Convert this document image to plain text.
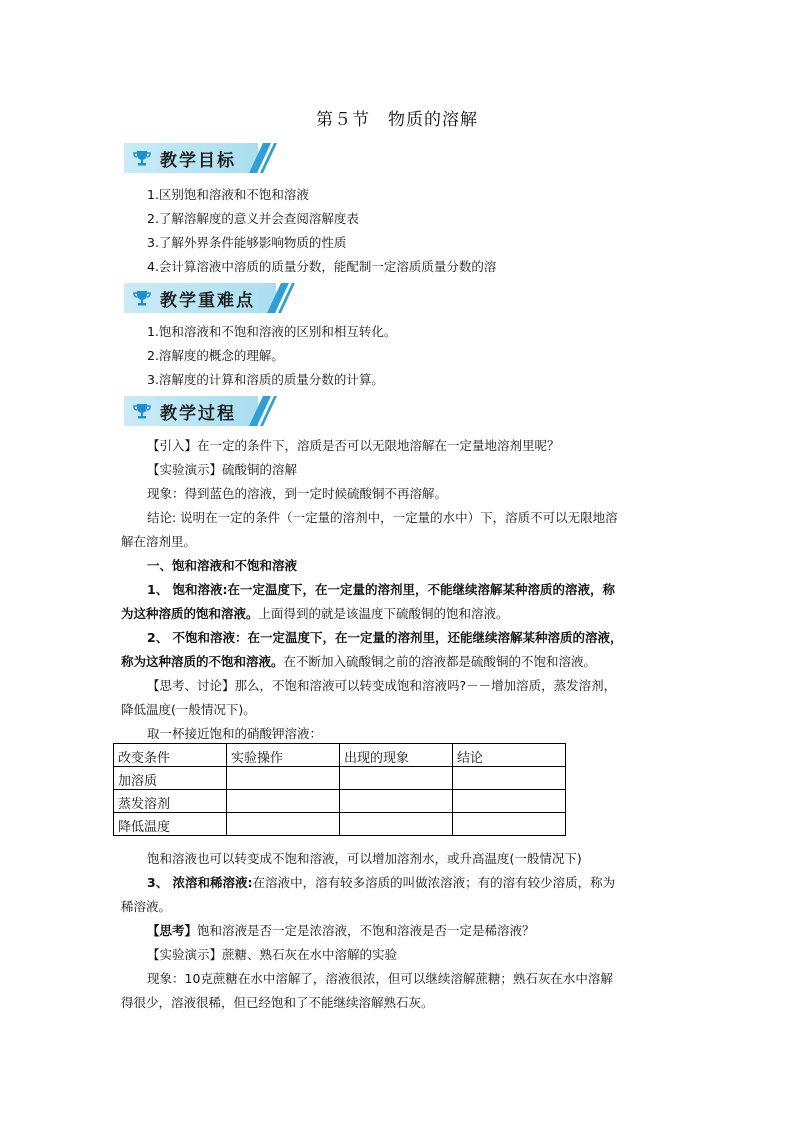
第５节　物质的溶解
教学目标
1.区别饱和溶液和不饱和溶液
2.了解溶解度的意义并会查阅溶解度表
3.了解外界条件能够影响物质的性质
4.会计算溶液中溶质的质量分数，能配制一定溶质质量分数的溶
教学重难点
1.饱和溶液和不饱和溶液的区别和相互转化。
2.溶解度的概念的理解。
3.溶解度的计算和溶质的质量分数的计算。
教学过程
【引入】在一定的条件下，溶质是否可以无限地溶解在一定量地溶剂里呢？
【实验演示】硫酸铜的溶解
现象：得到蓝色的溶液，到一定时候硫酸铜不再溶解。
结论: 说明在一定的条件（一定量的溶剂中，一定量的水中）下，溶质不可以无限地溶
解在溶剂里。
一、饱和溶液和不饱和溶液
1、 饱和溶液:在一定温度下，在一定量的溶剂里，不能继续溶解某种溶质的溶液，称
为这种溶质的饱和溶液。上面得到的就是该温度下硫酸铜的饱和溶液。
2、 不饱和溶液：在一定温度下，在一定量的溶剂里，还能继续溶解某种溶质的溶液，
称为这种溶质的不饱和溶液。在不断加入硫酸铜之前的溶液都是硫酸铜的不饱和溶液。
【思考、讨论】那么，不饱和溶液可以转变成饱和溶液吗?－－增加溶质，蒸发溶剂，
降低温度(一般情况下)。
取一杯接近饱和的硝酸钾溶液：
改变条件	实验操作	出现的现象	结论
加溶质			
蒸发溶剂			
降低温度			
饱和溶液也可以转变成不饱和溶液，可以增加溶剂水，或升高温度(一般情况下)
3、 浓溶和稀溶液:在溶液中，溶有较多溶质的叫做浓溶液；有的溶有较少溶质，称为
稀溶液。
【思考】饱和溶液是否一定是浓溶液，不饱和溶液是否一定是稀溶液？
【实验演示】蔗糖、熟石灰在水中溶解的实验
现象：10克蔗糖在水中溶解了，溶液很浓，但可以继续溶解蔗糖；熟石灰在水中溶解
得很少，溶液很稀，但已经饱和了不能继续溶解熟石灰。
